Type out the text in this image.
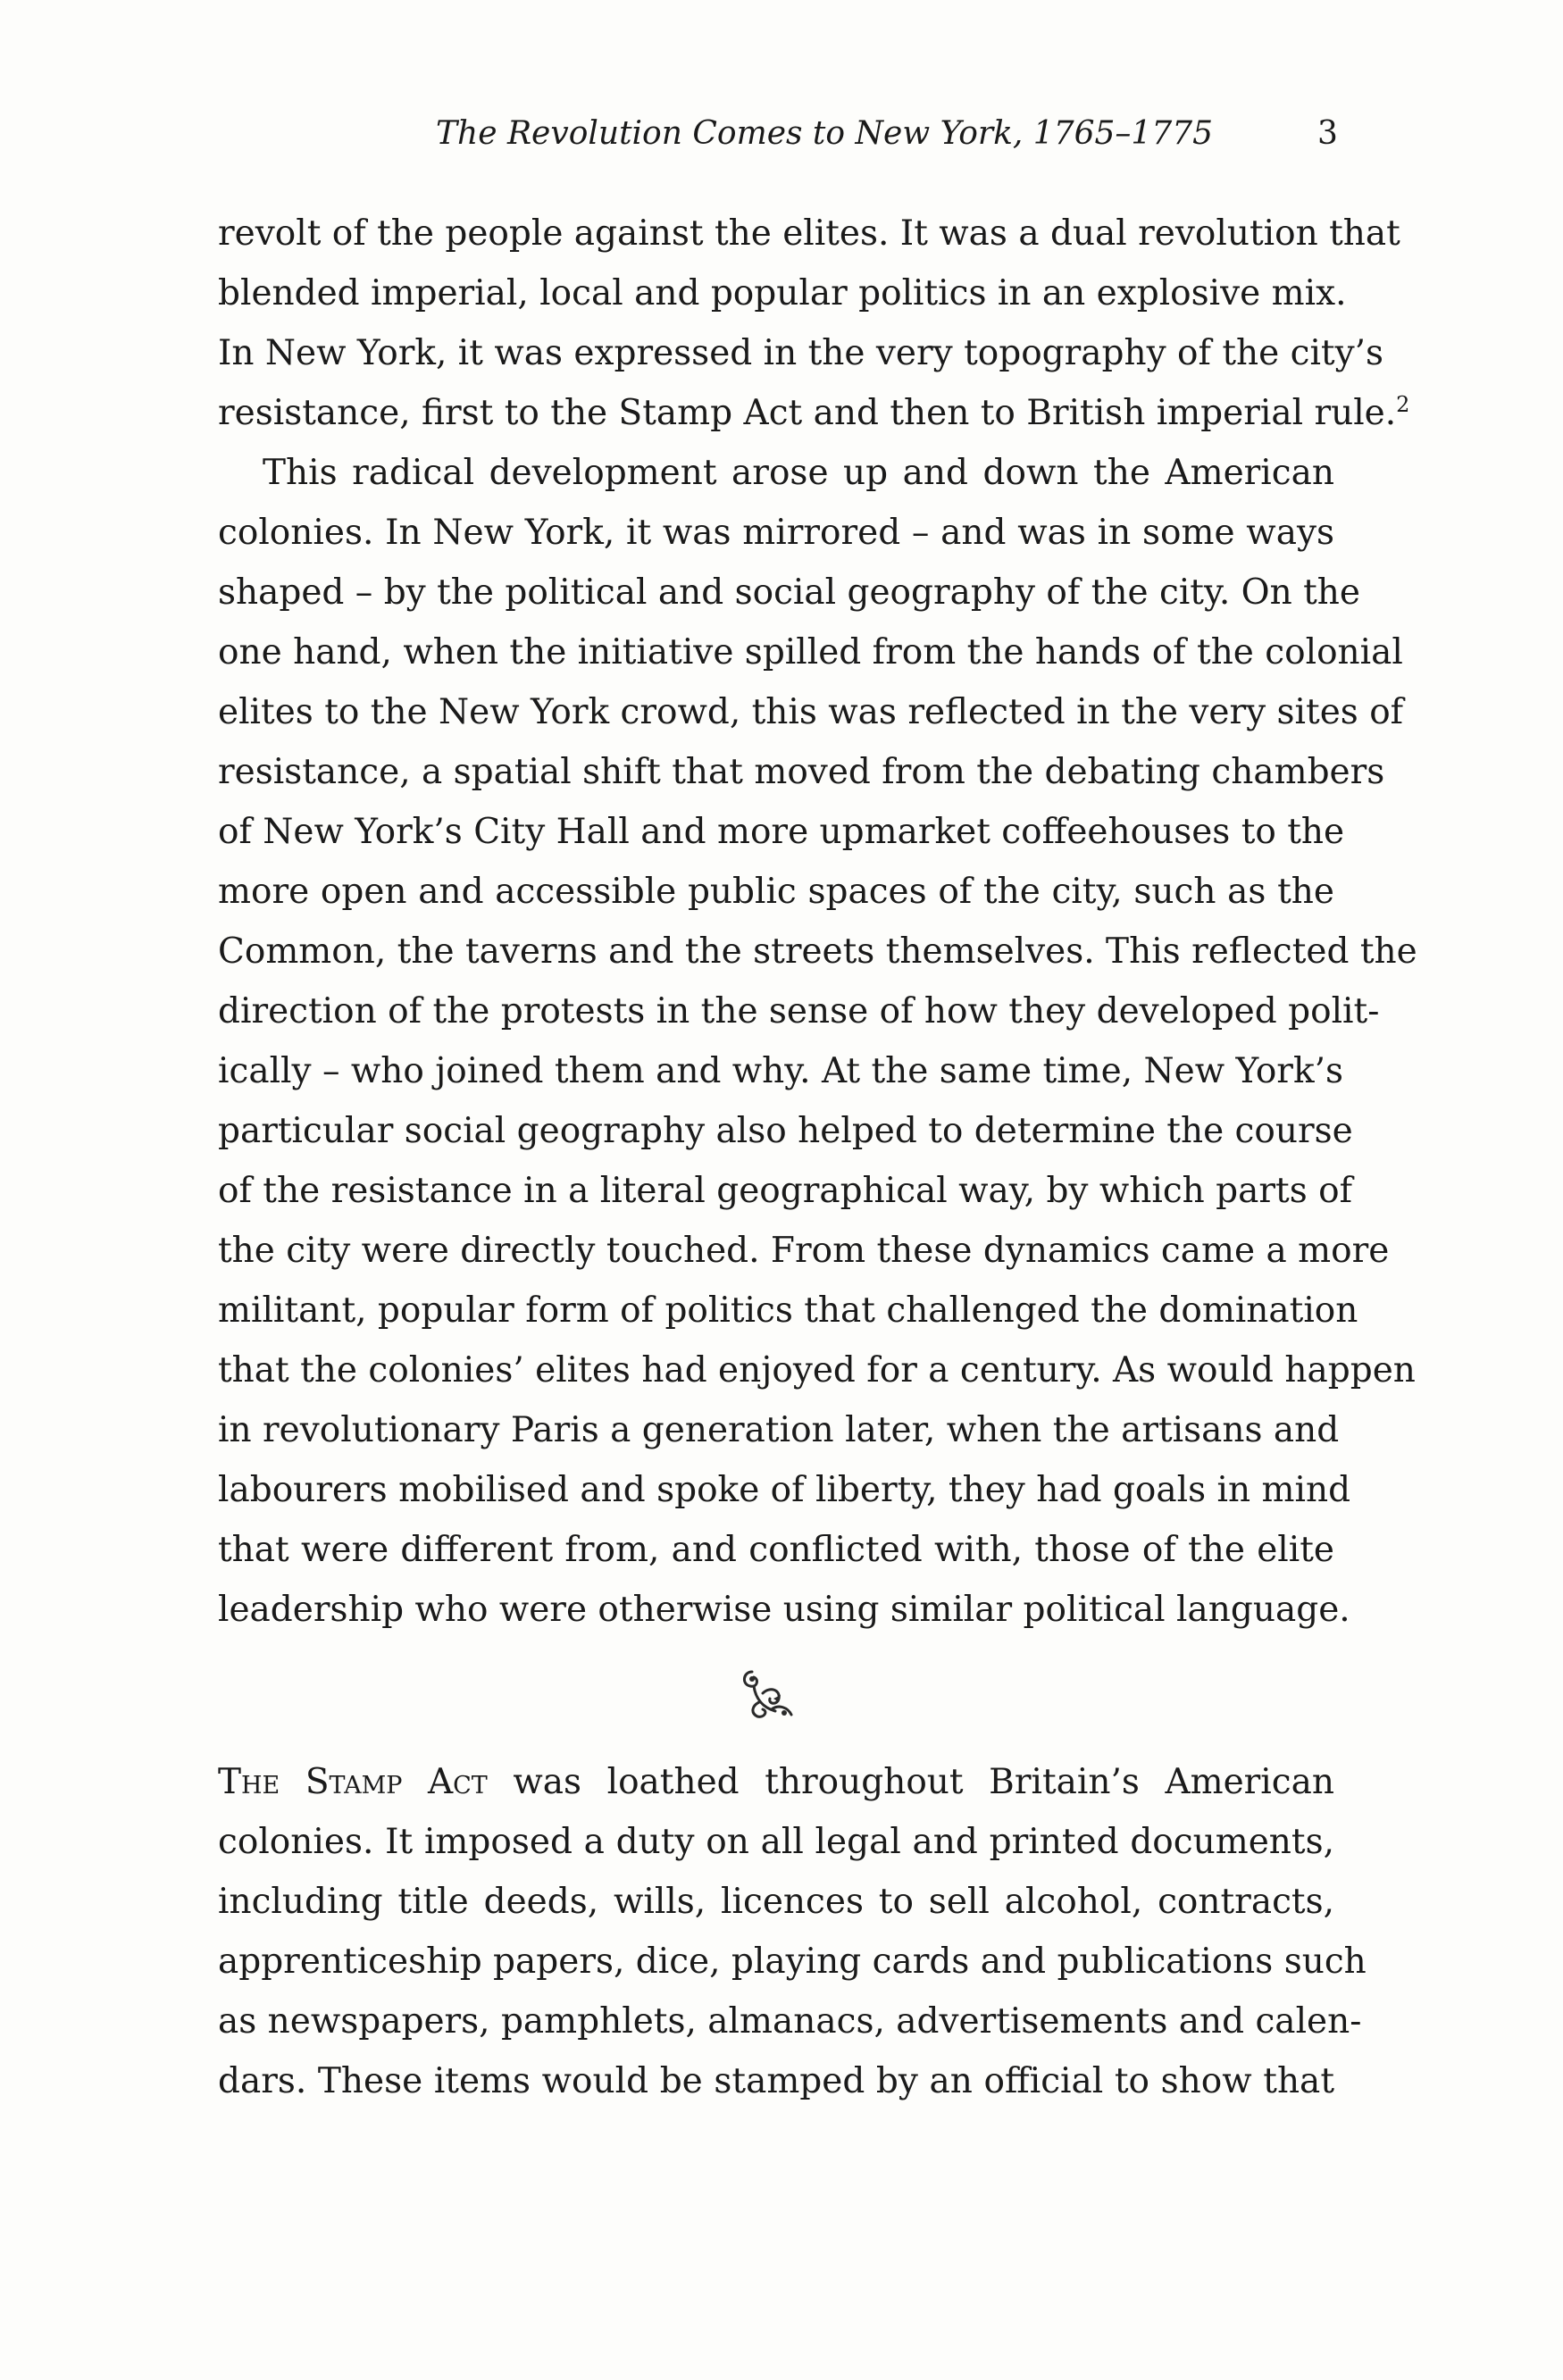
The Revolution Comes to New York, 1765–1775	3
revolt of the people against the elites. It was a dual revolution that
blended imperial, local and popular politics in an explosive mix.
In New York, it was expressed in the very topography of the city’s
resistance, first to the Stamp Act and then to British imperial rule.$^2$
This radical development arose up and down the American
colonies. In New York, it was mirrored – and was in some ways
shaped – by the political and social geography of the city. On the
one hand, when the initiative spilled from the hands of the colonial
elites to the New York crowd, this was reflected in the very sites of
resistance, a spatial shift that moved from the debating chambers
of New York’s City Hall and more upmarket coffeehouses to the
more open and accessible public spaces of the city, such as the
Common, the taverns and the streets themselves. This reflected the
direction of the protests in the sense of how they developed polit-
ically – who joined them and why. At the same time, New York’s
particular social geography also helped to determine the course
of the resistance in a literal geographical way, by which parts of
the city were directly touched. From these dynamics came a more
militant, popular form of politics that challenged the domination
that the colonies’ elites had enjoyed for a century. As would happen
in revolutionary Paris a generation later, when the artisans and
labourers mobilised and spoke of liberty, they had goals in mind
that were different from, and conflicted with, those of the elite
leadership who were otherwise using similar political language.
The Stamp Act was loathed throughout Britain’s American
colonies. It imposed a duty on all legal and printed documents,
including title deeds, wills, licences to sell alcohol, contracts,
apprenticeship papers, dice, playing cards and publications such
as newspapers, pamphlets, almanacs, advertisements and calen-
dars. These items would be stamped by an official to show that
